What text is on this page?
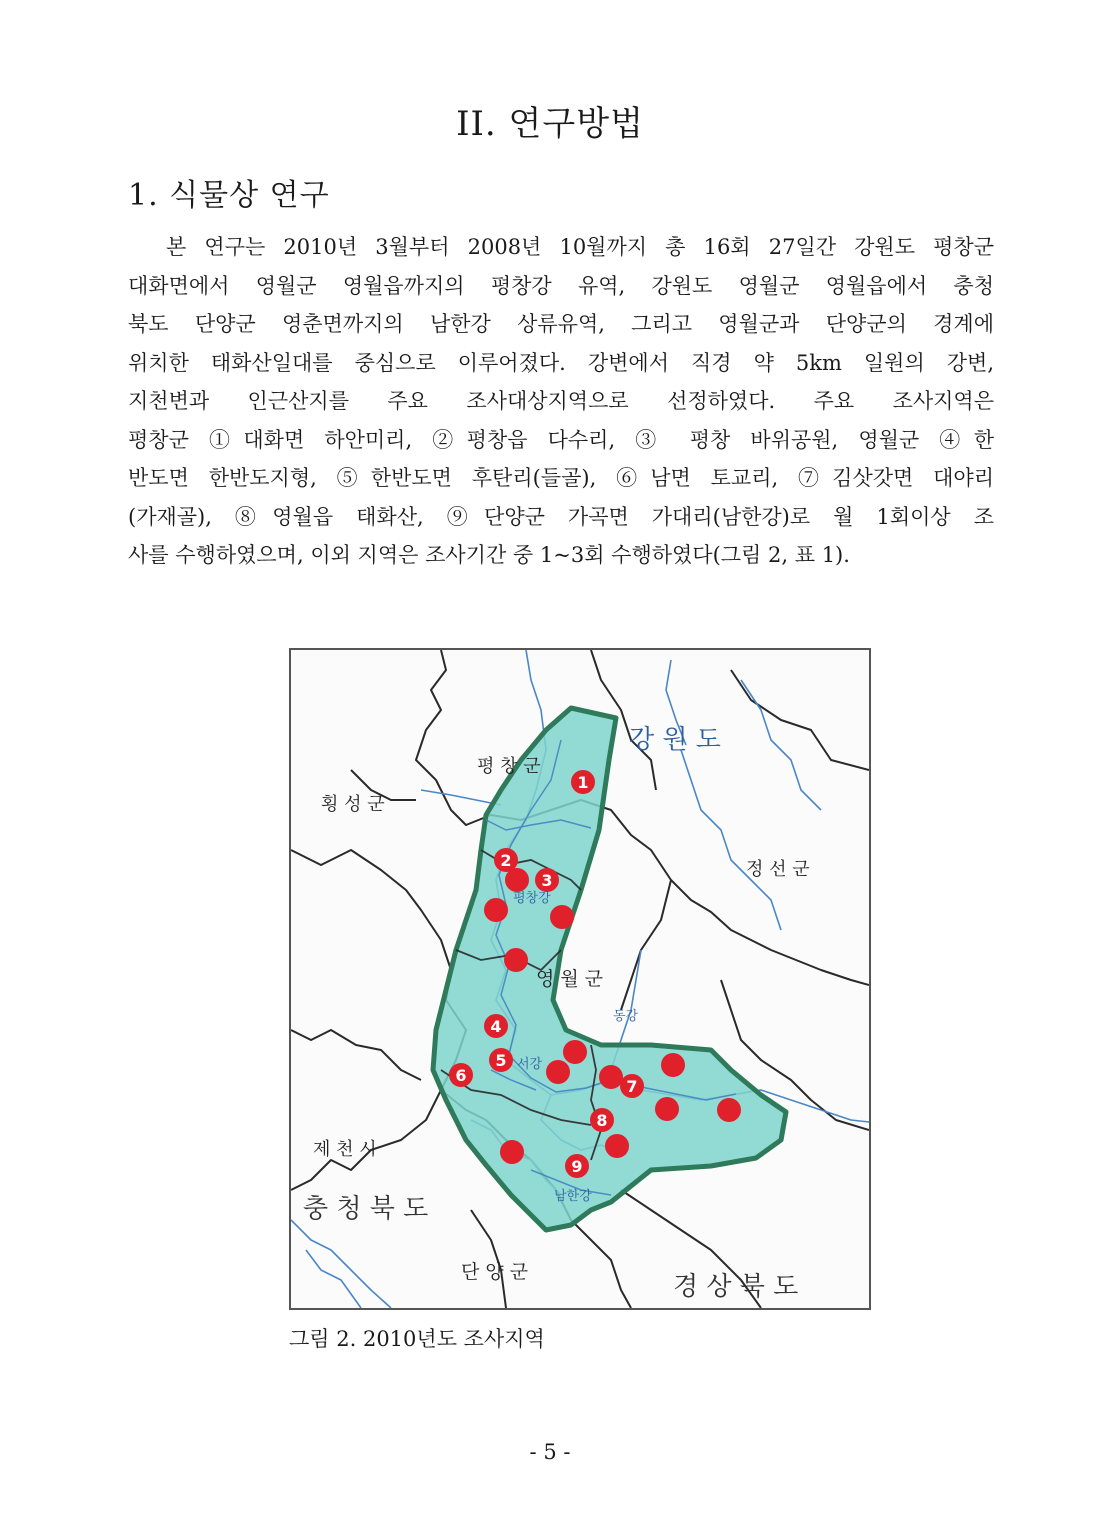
II. 연구방법
1. 식물상 연구
본 연구는 2010년 3월부터 2008년 10월까지 총 16회 27일간 강원도 평창군
대화면에서 영월군 영월읍까지의 평창강 유역, 강원도 영월군 영월읍에서 충청
북도 단양군 영춘면까지의 남한강 상류유역, 그리고 영월군과 단양군의 경계에
위치한 태화산일대를 중심으로 이루어졌다. 강변에서 직경 약 5km 일원의 강변,
지천변과 인근산지를 주요 조사대상지역으로 선정하였다. 주요 조사지역은
평창군 ①대화면 하안미리, ②평창읍 다수리, ③ 평창 바위공원, 영월군 ④한
반도면 한반도지형, ⑤한반도면 후탄리(들골), ⑥남면 토교리, ⑦김삿갓면 대야리
(가재골), ⑧영월읍 태화산, ⑨단양군 가곡면 가대리(남한강)로 월 1회이상 조
사를 수행하였으며, 이외 지역은 조사기간 중 1~3회 수행하였다(그림 2, 표 1).
1
2
3
4
5
6
7
8
9
강 원 도
평 창 군
횡 성 군
정 선 군
영 월 군
제 천 시
충 청 북 도
단 양 군	경 상 북 도
평창강
동강
서강
남한강
그림 2. 2010년도 조사지역
- 5 -
